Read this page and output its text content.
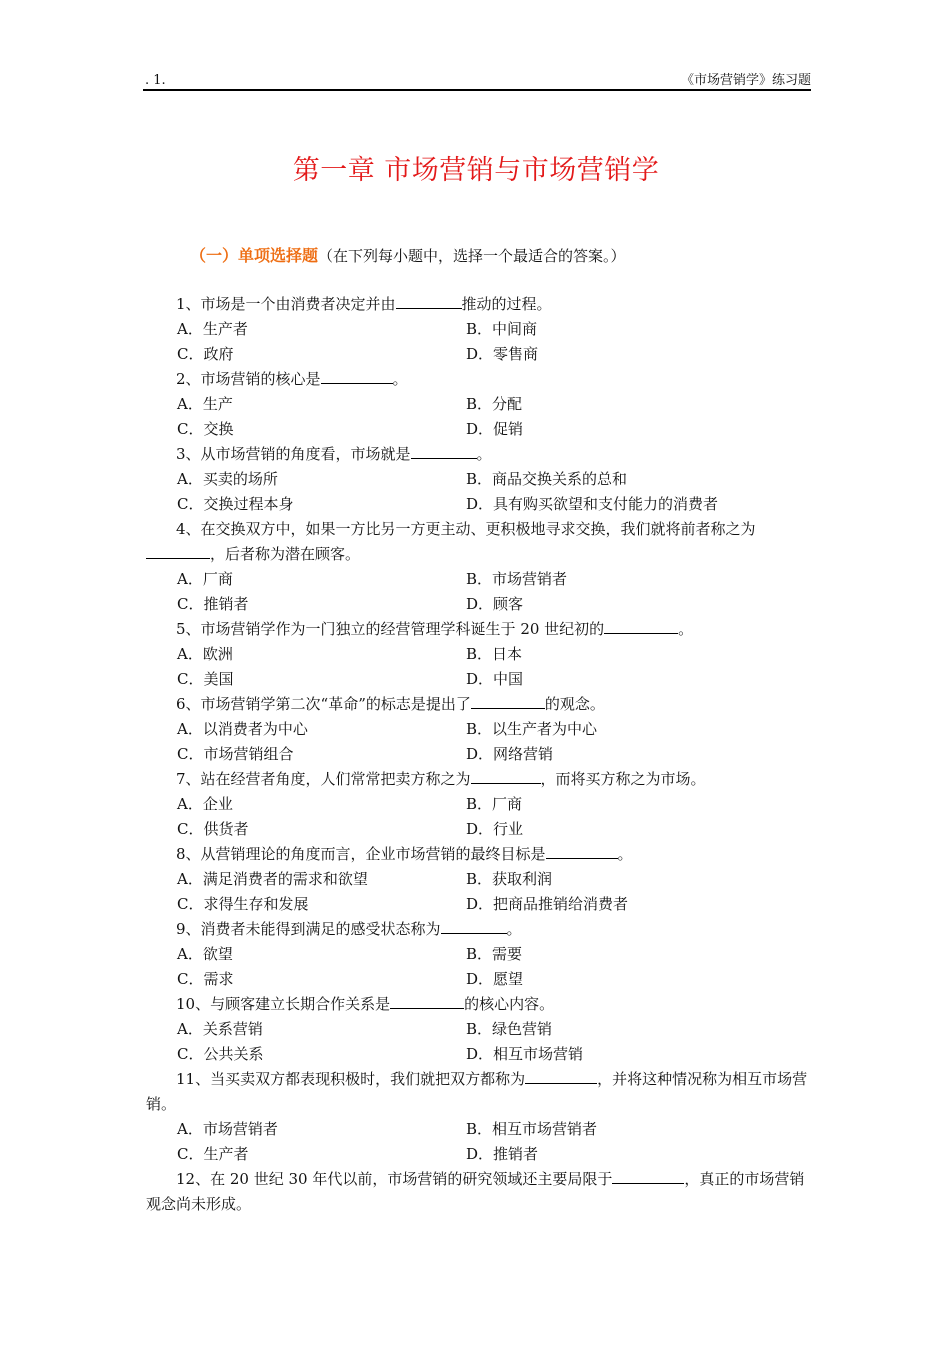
. 1.	《市场营销学》练习题
第一章 市场营销与市场营销学
（一）单项选择题（在下列每小题中，选择一个最适合的答案。）

1、市场是一个由消费者决定并由	推动的过程。

A．生产者	B．中间商
C．政府	D．零售商

2、市场营销的核心是	。

A．生产	B．分配
C．交换	D．促销

3、从市场营销的角度看，市场就是	。

A．买卖的场所	B．商品交换关系的总和
C．交换过程本身	D．具有购买欲望和支付能力的消费者

4、在交换双方中，如果一方比另一方更主动、更积极地寻求交换，我们就将前者称之为，后者称为潜在顾客。

A．厂商	B．市场营销者
C．推销者	D．顾客

5、市场营销学作为一门独立的经营管理学科诞生于 20 世纪初的	。

A．欧洲	B．日本
C．美国	D．中国

6、市场营销学第二次“革命”的标志是提出了	的观念。

A．以消费者为中心	B．以生产者为中心
C．市场营销组合	D．网络营销

7、站在经营者角度，人们常常把卖方称之为	，而将买方称之为市场。

A．企业	B．厂商
C．供货者	D．行业

8、从营销理论的角度而言，企业市场营销的最终目标是	。

A．满足消费者的需求和欲望	B．获取利润
C．求得生存和发展	D．把商品推销给消费者

9、消费者未能得到满足的感受状态称为	。

A．欲望	B．需要
C．需求	D．愿望

10、与顾客建立长期合作关系是	的核心内容。

A．关系营销	B．绿色营销
C．公共关系	D．相互市场营销

11、当买卖双方都表现积极时，我们就把双方都称为	，并将这种情况称为相互市场营销。

A．市场营销者	B．相互市场营销者
C．生产者	D．推销者

12、在 20 世纪 30 年代以前，市场营销的研究领域还主要局限于	，真正的市场营销观念尚未形成。
